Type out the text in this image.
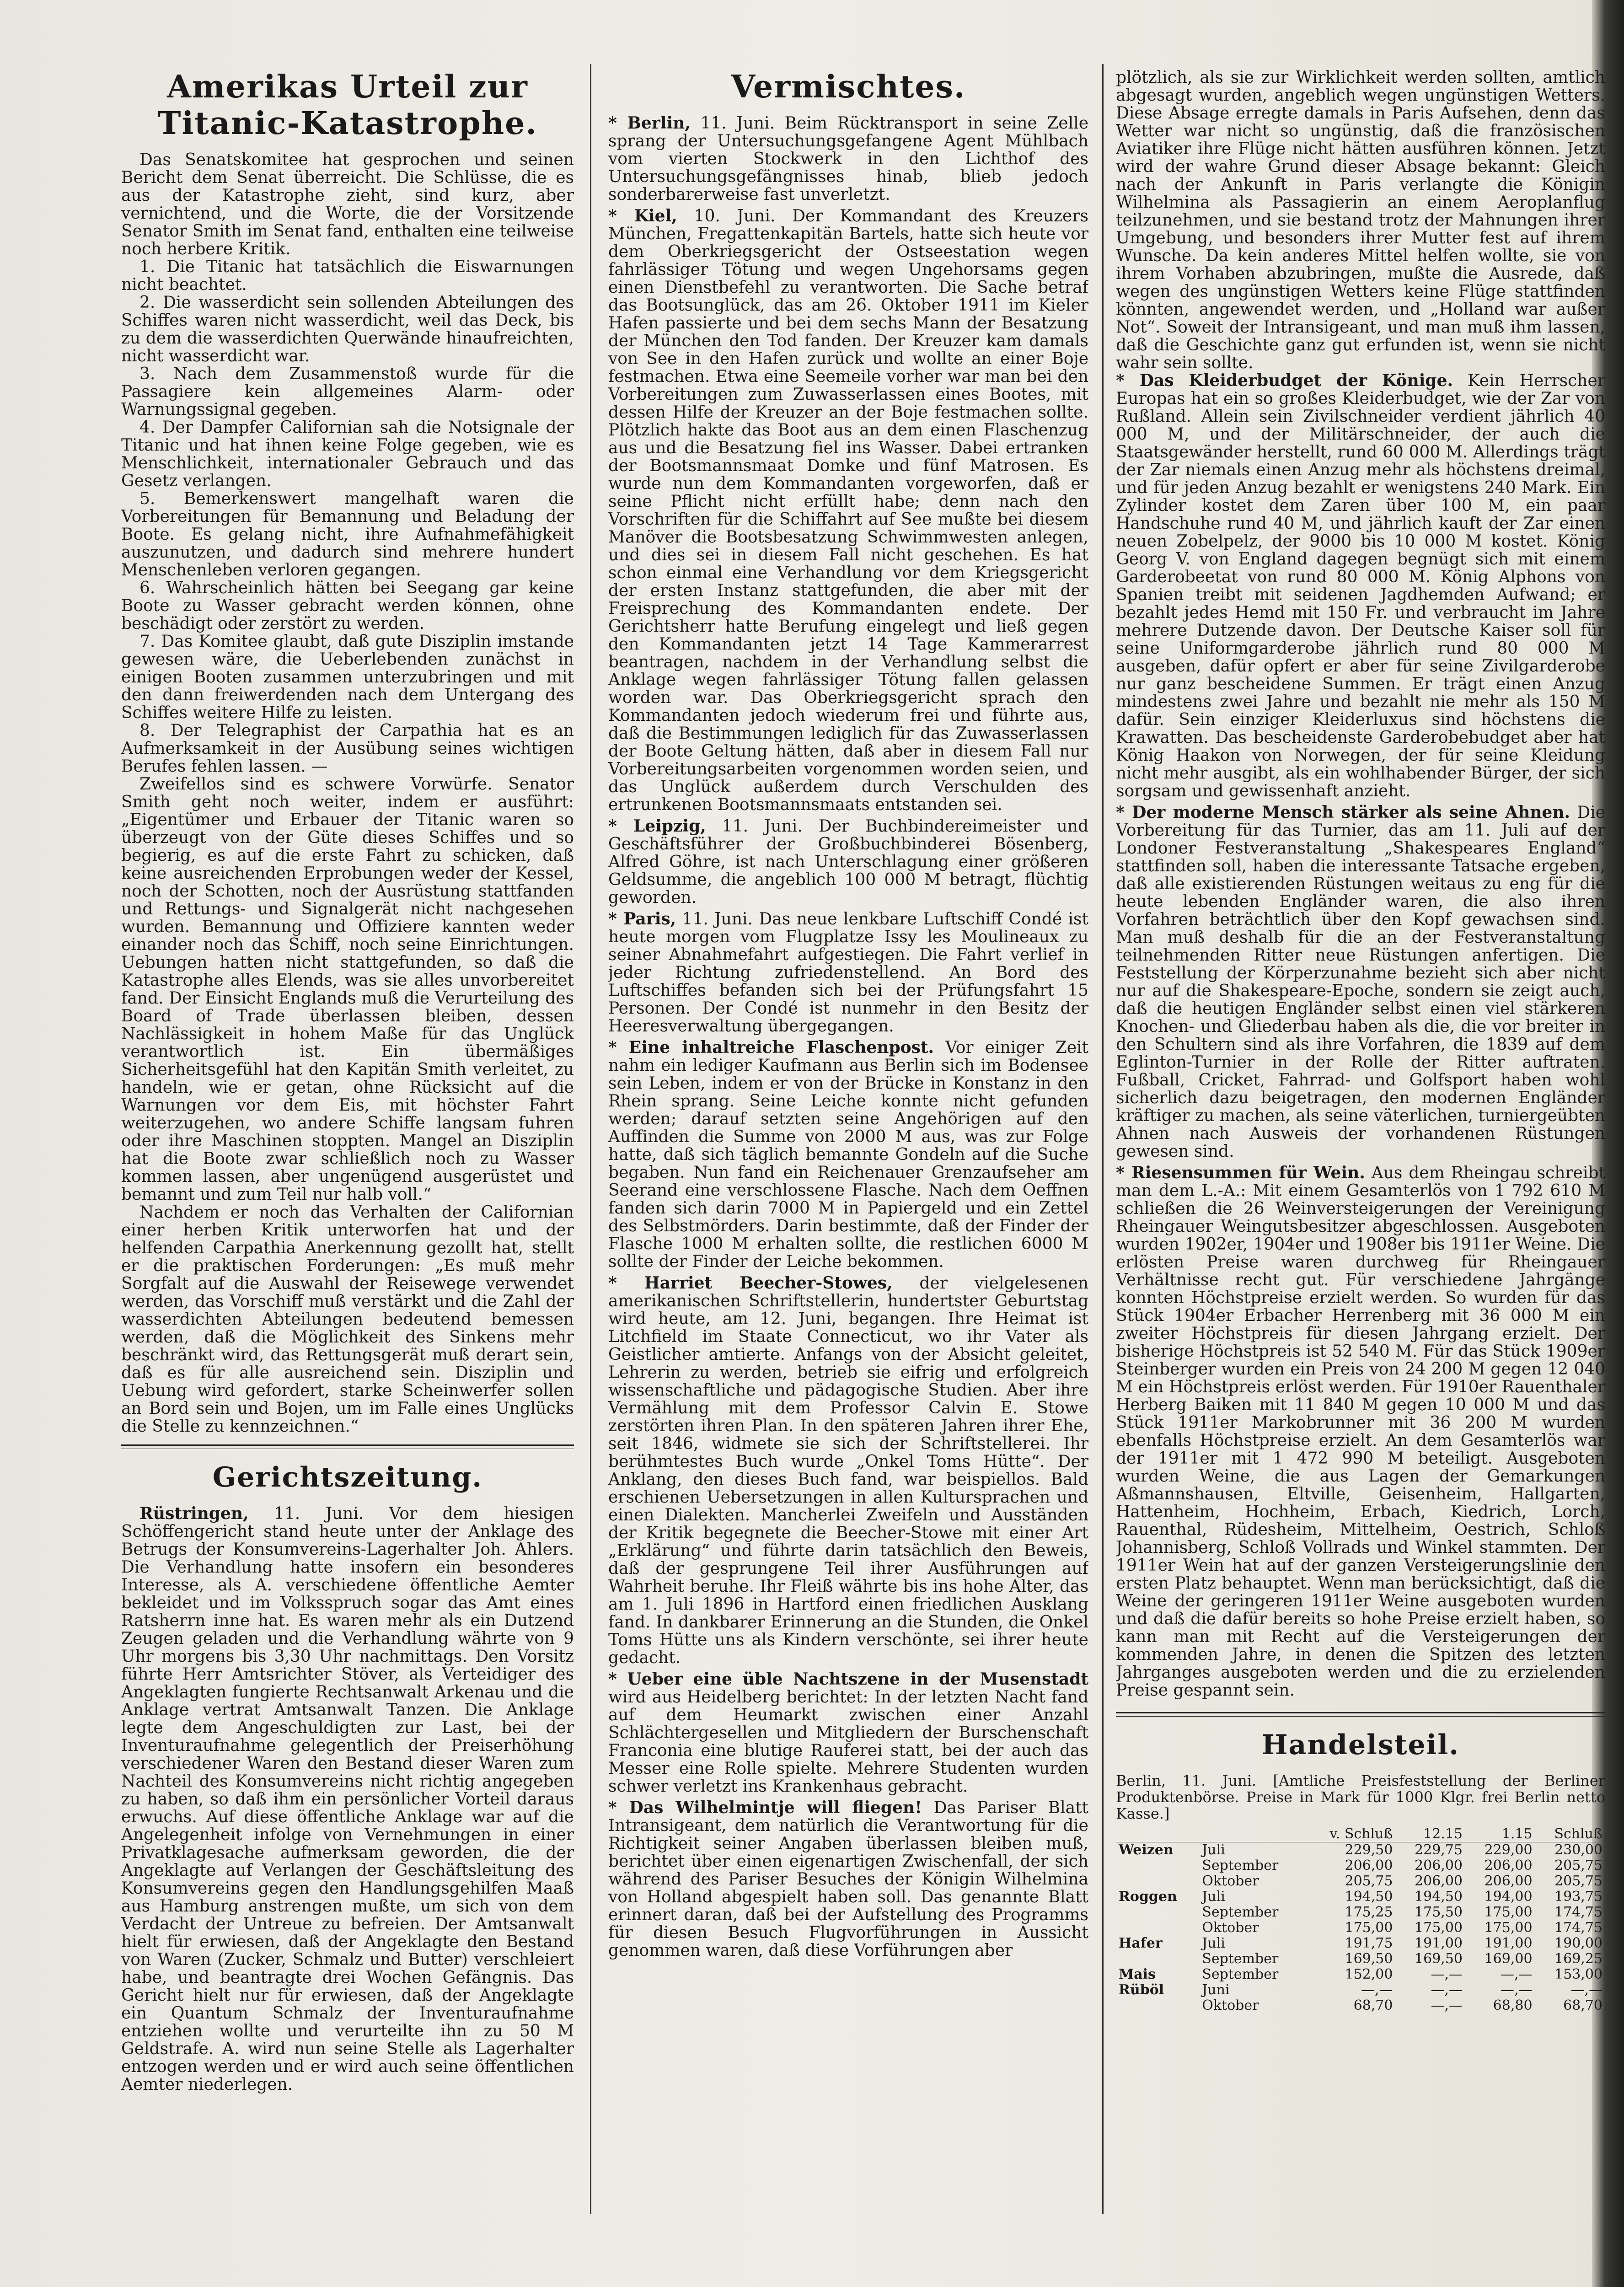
Amerikas Urteil zur Titanic-Katastrophe.

Das Senatskomitee hat gesprochen und seinen Bericht dem Senat überreicht. Die Schlüsse, die es aus der Katastrophe zieht, sind kurz, aber vernichtend, und die Worte, die der Vorsitzende Senator Smith im Senat fand, enthalten eine teilweise noch herbere Kritik.

1. Die Titanic hat tatsächlich die Eiswarnungen nicht beachtet.

2. Die wasserdicht sein sollenden Abteilungen des Schiffes waren nicht wasserdicht, weil das Deck, bis zu dem die wasserdichten Querwände hinaufreichten, nicht wasserdicht war.

3. Nach dem Zusammenstoß wurde für die Passagiere kein allgemeines Alarm- oder Warnungssignal gegeben.

4. Der Dampfer Californian sah die Notsignale der Titanic und hat ihnen keine Folge gegeben, wie es Menschlichkeit, internationaler Gebrauch und das Gesetz verlangen.

5. Bemerkenswert mangelhaft waren die Vorbereitungen für Bemannung und Beladung der Boote. Es gelang nicht, ihre Aufnahmefähigkeit auszunutzen, und dadurch sind mehrere hundert Menschenleben verloren gegangen.

6. Wahrscheinlich hätten bei Seegang gar keine Boote zu Wasser gebracht werden können, ohne beschädigt oder zerstört zu werden.

7. Das Komitee glaubt, daß gute Disziplin imstande gewesen wäre, die Ueberlebenden zunächst in einigen Booten zusammen unterzubringen und mit den dann freiwerdenden nach dem Untergang des Schiffes weitere Hilfe zu leisten.

8. Der Telegraphist der Carpathia hat es an Aufmerksamkeit in der Ausübung seines wichtigen Berufes fehlen lassen. —

Zweifellos sind es schwere Vorwürfe. Senator Smith geht noch weiter, indem er ausführt: „Eigentümer und Erbauer der Titanic waren so überzeugt von der Güte dieses Schiffes und so begierig, es auf die erste Fahrt zu schicken, daß keine ausreichenden Erprobungen weder der Kessel, noch der Schotten, noch der Ausrüstung stattfanden und Rettungs- und Signalgerät nicht nachgesehen wurden. Bemannung und Offiziere kannten weder einander noch das Schiff, noch seine Einrichtungen. Uebungen hatten nicht stattgefunden, so daß die Katastrophe alles Elends, was sie alles unvorbereitet fand. Der Einsicht Englands muß die Verurteilung des Board of Trade überlassen bleiben, dessen Nachlässigkeit in hohem Maße für das Unglück verantwortlich ist. Ein übermäßiges Sicherheitsgefühl hat den Kapitän Smith verleitet, zu handeln, wie er getan, ohne Rücksicht auf die Warnungen vor dem Eis, mit höchster Fahrt weiterzugehen, wo andere Schiffe langsam fuhren oder ihre Maschinen stoppten. Mangel an Disziplin hat die Boote zwar schließlich noch zu Wasser kommen lassen, aber ungenügend ausgerüstet und bemannt und zum Teil nur halb voll.“

Nachdem er noch das Verhalten der Californian einer herben Kritik unterworfen hat und der helfenden Carpathia Anerkennung gezollt hat, stellt er die praktischen Forderungen: „Es muß mehr Sorgfalt auf die Auswahl der Reisewege verwendet werden, das Vorschiff muß verstärkt und die Zahl der wasserdichten Abteilungen bedeutend bemessen werden, daß die Möglichkeit des Sinkens mehr beschränkt wird, das Rettungsgerät muß derart sein, daß es für alle ausreichend sein. Disziplin und Uebung wird gefordert, starke Scheinwerfer sollen an Bord sein und Bojen, um im Falle eines Unglücks die Stelle zu kennzeichnen.“

Gerichtszeitung.

Rüstringen, 11. Juni. Vor dem hiesigen Schöffengericht stand heute unter der Anklage des Betrugs der Konsumvereins-Lagerhalter Joh. Ahlers. Die Verhandlung hatte insofern ein besonderes Interesse, als A. verschiedene öffentliche Aemter bekleidet und im Volksspruch sogar das Amt eines Ratsherrn inne hat. Es waren mehr als ein Dutzend Zeugen geladen und die Verhandlung währte von 9 Uhr morgens bis 3,30 Uhr nachmittags. Den Vorsitz führte Herr Amtsrichter Stöver, als Verteidiger des Angeklagten fungierte Rechtsanwalt Arkenau und die Anklage vertrat Amtsanwalt Tanzen. Die Anklage legte dem Angeschuldigten zur Last, bei der Inventuraufnahme gelegentlich der Preiserhöhung verschiedener Waren den Bestand dieser Waren zum Nachteil des Konsumvereins nicht richtig angegeben zu haben, so daß ihm ein persönlicher Vorteil daraus erwuchs. Auf diese öffentliche Anklage war auf die Angelegenheit infolge von Vernehmungen in einer Privatklagesache aufmerksam geworden, die der Angeklagte auf Verlangen der Geschäftsleitung des Konsumvereins gegen den Handlungsgehilfen Maaß aus Hamburg anstrengen mußte, um sich von dem Verdacht der Untreue zu befreien. Der Amtsanwalt hielt für erwiesen, daß der Angeklagte den Bestand von Waren (Zucker, Schmalz und Butter) verschleiert habe, und beantragte drei Wochen Gefängnis. Das Gericht hielt nur für erwiesen, daß der Angeklagte ein Quantum Schmalz der Inventuraufnahme entziehen wollte und verurteilte ihn zu 50 M Geldstrafe. A. wird nun seine Stelle als Lagerhalter entzogen werden und er wird auch seine öffentlichen Aemter niederlegen.

Vermischtes.

* Berlin, 11. Juni. Beim Rücktransport in seine Zelle sprang der Untersuchungsgefangene Agent Mühlbach vom vierten Stockwerk in den Lichthof des Untersuchungsgefängnisses hinab, blieb jedoch sonderbarerweise fast unverletzt.

* Kiel, 10. Juni. Der Kommandant des Kreuzers München, Fregattenkapitän Bartels, hatte sich heute vor dem Oberkriegsgericht der Ostseestation wegen fahrlässiger Tötung und wegen Ungehorsams gegen einen Dienstbefehl zu verantworten. Die Sache betraf das Bootsunglück, das am 26. Oktober 1911 im Kieler Hafen passierte und bei dem sechs Mann der Besatzung der München den Tod fanden. Der Kreuzer kam damals von See in den Hafen zurück und wollte an einer Boje festmachen. Etwa eine Seemeile vorher war man bei den Vorbereitungen zum Zuwasserlassen eines Bootes, mit dessen Hilfe der Kreuzer an der Boje festmachen sollte. Plötzlich hakte das Boot aus an dem einen Flaschenzug aus und die Besatzung fiel ins Wasser. Dabei ertranken der Bootsmannsmaat Domke und fünf Matrosen. Es wurde nun dem Kommandanten vorgeworfen, daß er seine Pflicht nicht erfüllt habe; denn nach den Vorschriften für die Schiffahrt auf See mußte bei diesem Manöver die Bootsbesatzung Schwimmwesten anlegen, und dies sei in diesem Fall nicht geschehen. Es hat schon einmal eine Verhandlung vor dem Kriegsgericht der ersten Instanz stattgefunden, die aber mit der Freisprechung des Kommandanten endete. Der Gerichtsherr hatte Berufung eingelegt und ließ gegen den Kommandanten jetzt 14 Tage Kammerarrest beantragen, nachdem in der Verhandlung selbst die Anklage wegen fahrlässiger Tötung fallen gelassen worden war. Das Oberkriegsgericht sprach den Kommandanten jedoch wiederum frei und führte aus, daß die Bestimmungen lediglich für das Zuwasserlassen der Boote Geltung hätten, daß aber in diesem Fall nur Vorbereitungsarbeiten vorgenommen worden seien, und das Unglück außerdem durch Verschulden des ertrunkenen Bootsmannsmaats entstanden sei.

* Leipzig, 11. Juni. Der Buchbindereimeister und Geschäftsführer der Großbuchbinderei Bösenberg, Alfred Göhre, ist nach Unterschlagung einer größeren Geldsumme, die angeblich 100 000 M betragt, flüchtig geworden.

* Paris, 11. Juni. Das neue lenkbare Luftschiff Condé ist heute morgen vom Flugplatze Issy les Moulineaux zu seiner Abnahmefahrt aufgestiegen. Die Fahrt verlief in jeder Richtung zufriedenstellend. An Bord des Luftschiffes befanden sich bei der Prüfungsfahrt 15 Personen. Der Condé ist nunmehr in den Besitz der Heeresverwaltung übergegangen.

* Eine inhaltreiche Flaschenpost. Vor einiger Zeit nahm ein lediger Kaufmann aus Berlin sich im Bodensee sein Leben, indem er von der Brücke in Konstanz in den Rhein sprang. Seine Leiche konnte nicht gefunden werden; darauf setzten seine Angehörigen auf den Auffinden die Summe von 2000 M aus, was zur Folge hatte, daß sich täglich bemannte Gondeln auf die Suche begaben. Nun fand ein Reichenauer Grenzaufseher am Seerand eine verschlossene Flasche. Nach dem Oeffnen fanden sich darin 7000 M in Papiergeld und ein Zettel des Selbstmörders. Darin bestimmte, daß der Finder der Flasche 1000 M erhalten sollte, die restlichen 6000 M sollte der Finder der Leiche bekommen.

* Harriet Beecher-Stowes, der vielgelesenen amerikanischen Schriftstellerin, hundertster Geburtstag wird heute, am 12. Juni, begangen. Ihre Heimat ist Litchfield im Staate Connecticut, wo ihr Vater als Geistlicher amtierte. Anfangs von der Absicht geleitet, Lehrerin zu werden, betrieb sie eifrig und erfolgreich wissenschaftliche und pädagogische Studien. Aber ihre Vermählung mit dem Professor Calvin E. Stowe zerstörten ihren Plan. In den späteren Jahren ihrer Ehe, seit 1846, widmete sie sich der Schriftstellerei. Ihr berühmtestes Buch wurde „Onkel Toms Hütte“. Der Anklang, den dieses Buch fand, war beispiellos. Bald erschienen Uebersetzungen in allen Kultursprachen und einen Dialekten. Mancherlei Zweifeln und Ausständen der Kritik begegnete die Beecher-Stowe mit einer Art „Erklärung“ und führte darin tatsächlich den Beweis, daß der gesprungene Teil ihrer Ausführungen auf Wahrheit beruhe. Ihr Fleiß währte bis ins hohe Alter, das am 1. Juli 1896 in Hartford einen friedlichen Ausklang fand. In dankbarer Erinnerung an die Stunden, die Onkel Toms Hütte uns als Kindern verschönte, sei ihrer heute gedacht.

* Ueber eine üble Nachtszene in der Musenstadt wird aus Heidelberg berichtet: In der letzten Nacht fand auf dem Heumarkt zwischen einer Anzahl Schlächtergesellen und Mitgliedern der Burschenschaft Franconia eine blutige Rauferei statt, bei der auch das Messer eine Rolle spielte. Mehrere Studenten wurden schwer verletzt ins Krankenhaus gebracht.

* Das Wilhelmintje will fliegen! Das Pariser Blatt Intransigeant, dem natürlich die Verantwortung für die Richtigkeit seiner Angaben überlassen bleiben muß, berichtet über einen eigenartigen Zwischenfall, der sich während des Pariser Besuches der Königin Wilhelmina von Holland abgespielt haben soll. Das genannte Blatt erinnert daran, daß bei der Aufstellung des Programms für diesen Besuch Flugvorführungen in Aussicht genommen waren, daß diese Vorführungen aber

plötzlich, als sie zur Wirklichkeit werden sollten, amtlich abgesagt wurden, angeblich wegen ungünstigen Wetters. Diese Absage erregte damals in Paris Aufsehen, denn das Wetter war nicht so ungünstig, daß die französischen Aviatiker ihre Flüge nicht hätten ausführen können. Jetzt wird der wahre Grund dieser Absage bekannt: Gleich nach der Ankunft in Paris verlangte die Königin Wilhelmina als Passagierin an einem Aeroplanflug teilzunehmen, und sie bestand trotz der Mahnungen ihrer Umgebung, und besonders ihrer Mutter fest auf ihrem Wunsche. Da kein anderes Mittel helfen wollte, sie von ihrem Vorhaben abzubringen, mußte die Ausrede, daß wegen des ungünstigen Wetters keine Flüge stattfinden könnten, angewendet werden, und „Holland war außer Not“. Soweit der Intransigeant, und man muß ihm lassen, daß die Geschichte ganz gut erfunden ist, wenn sie nicht wahr sein sollte.

* Das Kleiderbudget der Könige. Kein Herrscher Europas hat ein so großes Kleiderbudget, wie der Zar von Rußland. Allein sein Zivilschneider verdient jährlich 40 000 M, und der Militärschneider, der auch die Staatsgewänder herstellt, rund 60 000 M. Allerdings trägt der Zar niemals einen Anzug mehr als höchstens dreimal, und für jeden Anzug bezahlt er wenigstens 240 Mark. Ein Zylinder kostet dem Zaren über 100 M, ein paar Handschuhe rund 40 M, und jährlich kauft der Zar einen neuen Zobelpelz, der 9000 bis 10 000 M kostet. König Georg V. von England dagegen begnügt sich mit einem Garderobeetat von rund 80 000 M. König Alphons von Spanien treibt mit seidenen Jagdhemden Aufwand; er bezahlt jedes Hemd mit 150 Fr. und verbraucht im Jahre mehrere Dutzende davon. Der Deutsche Kaiser soll für seine Uniformgarderobe jährlich rund 80 000 M ausgeben, dafür opfert er aber für seine Zivilgarderobe nur ganz bescheidene Summen. Er trägt einen Anzug mindestens zwei Jahre und bezahlt nie mehr als 150 M dafür. Sein einziger Kleiderluxus sind höchstens die Krawatten. Das bescheidenste Garderobebudget aber hat König Haakon von Norwegen, der für seine Kleidung nicht mehr ausgibt, als ein wohlhabender Bürger, der sich sorgsam und gewissenhaft anzieht.

* Der moderne Mensch stärker als seine Ahnen. Die Vorbereitung für das Turnier, das am 11. Juli auf der Londoner Festveranstaltung „Shakespeares England“ stattfinden soll, haben die interessante Tatsache ergeben, daß alle existierenden Rüstungen weitaus zu eng für die heute lebenden Engländer waren, die also ihren Vorfahren beträchtlich über den Kopf gewachsen sind. Man muß deshalb für die an der Festveranstaltung teilnehmenden Ritter neue Rüstungen anfertigen. Die Feststellung der Körperzunahme bezieht sich aber nicht nur auf die Shakespeare-Epoche, sondern sie zeigt auch, daß die heutigen Engländer selbst einen viel stärkeren Knochen- und Gliederbau haben als die, die vor breiter in den Schultern sind als ihre Vorfahren, die 1839 auf dem Eglinton-Turnier in der Rolle der Ritter auftraten. Fußball, Cricket, Fahrrad- und Golfsport haben wohl sicherlich dazu beigetragen, den modernen Engländer kräftiger zu machen, als seine väterlichen, turniergeübten Ahnen nach Ausweis der vorhandenen Rüstungen gewesen sind.

* Riesensummen für Wein. Aus dem Rheingau schreibt man dem L.-A.: Mit einem Gesamterlös von 1 792 610 M schließen die 26 Weinversteigerungen der Vereinigung Rheingauer Weingutsbesitzer abgeschlossen. Ausgeboten wurden 1902er, 1904er und 1908er bis 1911er Weine. Die erlösten Preise waren durchweg für Rheingauer Verhältnisse recht gut. Für verschiedene Jahrgänge konnten Höchstpreise erzielt werden. So wurden für das Stück 1904er Erbacher Herrenberg mit 36 000 M ein zweiter Höchstpreis für diesen Jahrgang erzielt. Der bisherige Höchstpreis ist 52 540 M. Für das Stück 1909er Steinberger wurden ein Preis von 24 200 M gegen 12 040 M ein Höchstpreis erlöst werden. Für 1910er Rauenthaler Herberg Baiken mit 11 840 M gegen 10 000 M und das Stück 1911er Markobrunner mit 36 200 M wurden ebenfalls Höchstpreise erzielt. An dem Gesamterlös war der 1911er mit 1 472 990 M beteiligt. Ausgeboten wurden Weine, die aus Lagen der Gemarkungen Aßmannshausen, Eltville, Geisenheim, Hallgarten, Hattenheim, Hochheim, Erbach, Kiedrich, Lorch, Rauenthal, Rüdesheim, Mittelheim, Oestrich, Schloß Johannisberg, Schloß Vollrads und Winkel stammten. Der 1911er Wein hat auf der ganzen Versteigerungslinie den ersten Platz behauptet. Wenn man berücksichtigt, daß die Weine der geringeren 1911er Weine ausgeboten wurden und daß die dafür bereits so hohe Preise erzielt haben, so kann man mit Recht auf die Versteigerungen der kommenden Jahre, in denen die Spitzen des letzten Jahrganges ausgeboten werden und die zu erzielenden Preise gespannt sein.

Handelsteil.

Berlin, 11. Juni. [Amtliche Preisfeststellung der Berliner Produktenbörse. Preise in Mark für 1000 Klgr. frei Berlin netto Kasse.]

		v. Schluß	12.15	1.15	Schluß
Weizen	Juli	229,50	229,75	229,00	230,00
	September	206,00	206,00	206,00	205,75
	Oktober	205,75	206,00	206,00	205,75
Roggen	Juli	194,50	194,50	194,00	193,75
	September	175,25	175,50	175,00	174,75
	Oktober	175,00	175,00	175,00	174,75
Hafer	Juli	191,75	191,00	191,00	190,00
	September	169,50	169,50	169,00	169,25
Mais	September	152,00	—,—	—,—	153,00
Rüböl	Juni	—,—	—,—	—,—	—,—
	Oktober	68,70	—,—	68,80	68,70
